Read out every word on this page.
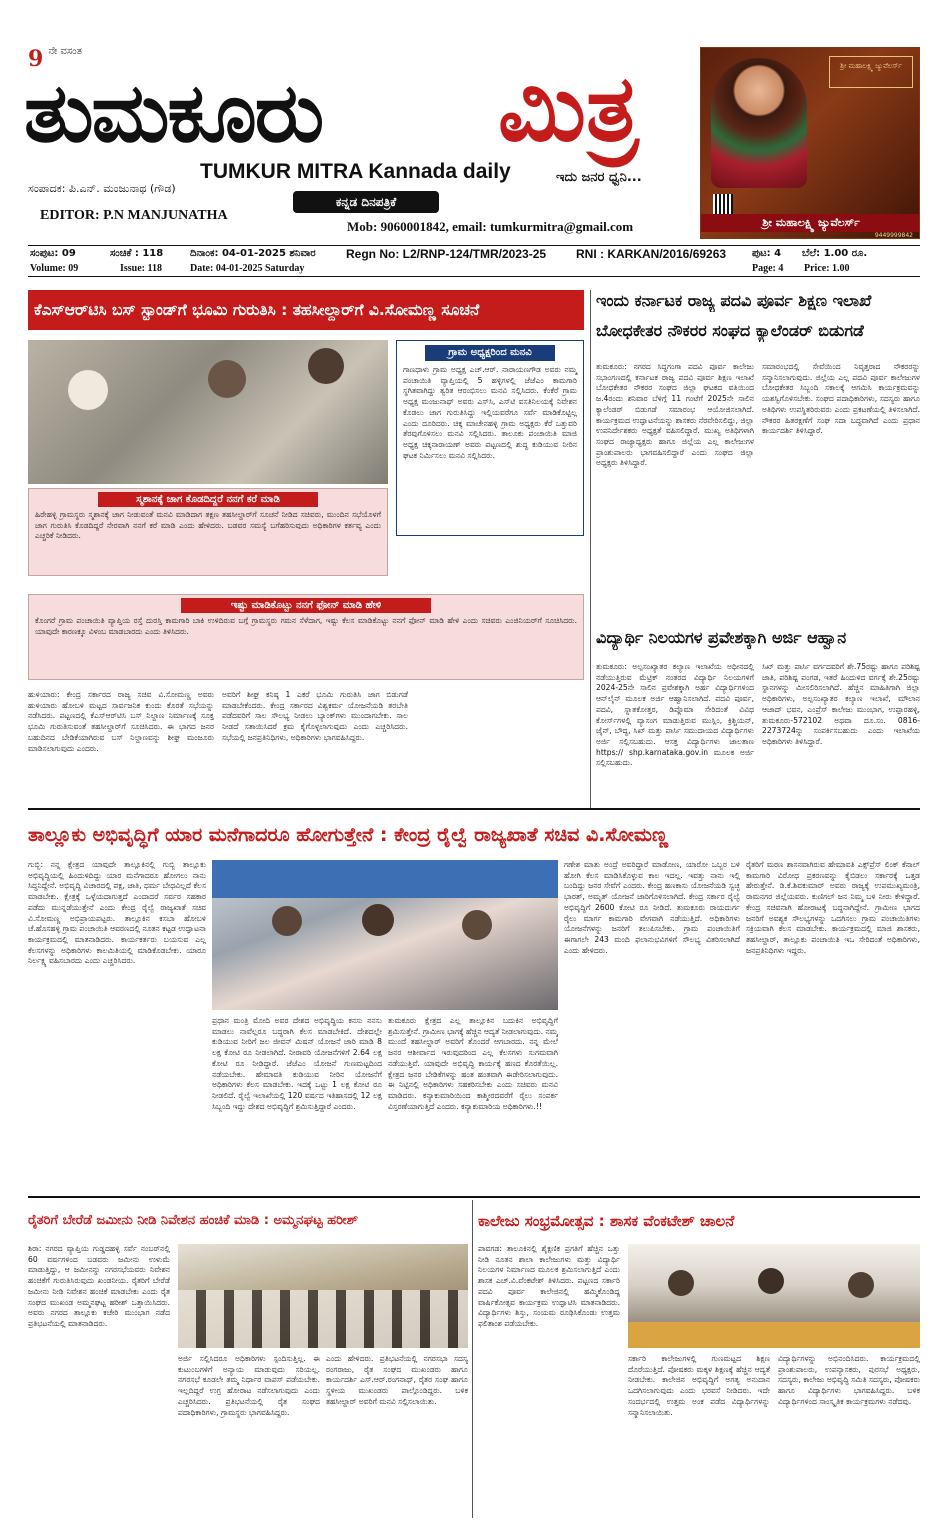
9 $^{ನೇ ವಸಂತ}$
ತುಮಕೂರು ಮಿತ್ರ
TUMKUR MITRA Kannada daily	ಇದು ಜನರ ಧ್ವನಿ...
ಸಂಪಾದಕ: ಪಿ.ಎನ್. ಮಂಜುನಾಥ (ಗೌಡ)
ಕನ್ನಡ ದಿನಪತ್ರಿಕೆ
EDITOR: P.N MANJUNATHA
Mob: 9060001842, email: tumkurmitra@gmail.com
ಶ್ರೀ ಮಹಾಲಕ್ಷ್ಮಿ ಜ್ಯುವೆಲರ್ಸ್
ಶ್ರೀ ಮಹಾಲಕ್ಷ್ಮಿ ಜ್ಯುವೆಲರ್ಸ್
9449999842
ಸಂಪುಟ: 09	ಸಂಚಿಕೆ : 118	ದಿನಾಂಕ: 04-01-2025 ಶನಿವಾರ	Regn No: L2/RNP-124/TMR/2023-25 RNI : KARKAN/2016/69263	ಪುಟ: 4 ಬೆಲೆ: 1.00 ರೂ.
Volume: 09	Issue: 118	Date: 04-01-2025 Saturday	Page: 4 Price: 1.00
ಕೆಎಸ್‌ಆರ್‌ಟಿಸಿ ಬಸ್ ಸ್ಟಾಂಡ್‌ಗೆ ಭೂಮಿ ಗುರುತಿಸಿ : ತಹಸೀಲ್ದಾರ್‌ಗೆ ವಿ.ಸೋಮಣ್ಣ ಸೂಚನೆ
ಗ್ರಾಮ ಅಧ್ಯಕ್ಷರಿಂದ ಮನವಿ
ಗಾಣಧಾಳು ಗ್ರಾಮ ಅಧ್ಯಕ್ಷ ಎಚ್.ಆರ್. ನಾರಾಯಣಗೌಡ ಅವರು ನಮ್ಮ ಪಂಚಾಯಿತಿ ವ್ಯಾಪ್ತಿಯಲ್ಲಿ 5 ಹಳ್ಳಿಗಳಲ್ಲಿ ಜೆಜೆಎಂ ಕಾಮಗಾರಿ ಸ್ಥಗಿತವಾಗಿದ್ದು ತ್ವರಿತ ಆರಂಭಿಸಲು ಮನವಿ ಸಲ್ಲಿಸಿದರು. ಕೆಂಕೆರೆ ಗ್ರಾಮ ಅಧ್ಯಕ್ಷ ಮಂಜುನಾಥ್ ಅವರು ಎಸ್‌ಸಿ, ಎಸ್‌ಟಿ ವಸತಿನಿಲಯಕ್ಕೆ ನಿವೇಶನ ಕೊಡಲು ಜಾಗ ಗುರುತಿಸಿದ್ದು ಇಲ್ಲಿಯವರೆಗೂ ಸರ್ವೆ ಮಾಡಿಕೊಟ್ಟಿಲ್ಲ ಎಂದು ದೂರಿದರು. ಚಿಕ್ಕ ಮಾಚೇನಹಳ್ಳಿ ಗ್ರಾಮ ಅಧ್ಯಕ್ಷರು ಕೆರೆ ಒತ್ತುವರಿ ತೆರವುಗೊಳಿಸಲು ಮನವಿ ಸಲ್ಲಿಸಿದರು. ತಾಲೂಕು ಪಂಚಾಯಿತಿ ಮಾಜಿ ಅಧ್ಯಕ್ಷ ಚಿಕ್ಕನಾರಾಯಣ್ ಅವರು ಪಟ್ಟಣದಲ್ಲಿ ಶುದ್ಧ ಕುಡಿಯುವ ನೀರಿನ ಘಟಕ ನಿರ್ಮಿಸಲು ಮನವಿ ಸಲ್ಲಿಸಿದರು.
ಸ್ಮಶಾನಕ್ಕೆ ಜಾಗ ಕೊಡದಿದ್ದರೆ ನನಗೆ ಕರೆ ಮಾಡಿ
ಹಿರೇಹಳ್ಳಿ ಗ್ರಾಮಸ್ಥರು ಸ್ಮಶಾನಕ್ಕೆ ಜಾಗ ನೀಡುವಂತೆ ಮನವಿ ಮಾಡಿದಾಗ ತಕ್ಷಣ ತಹಸೀಲ್ದಾರ್‌ಗೆ ಸೂಚನೆ ನೀಡಿದ ಸಚಿವರು, ಮುಂದಿನ ಸಭೆಯೊಳಗೆ ಜಾಗ ಗುರುತಿಸಿ ಕೊಡದಿದ್ದರೆ ನೇರವಾಗಿ ನನಗೆ ಕರೆ ಮಾಡಿ ಎಂದು ಹೇಳಿದರು. ಬಡವರ ಸಮಸ್ಯೆ ಬಗೆಹರಿಸುವುದು ಅಧಿಕಾರಿಗಳ ಕರ್ತವ್ಯ ಎಂದು ಎಚ್ಚರಿಕೆ ನೀಡಿದರು.
ಇಷ್ಟು ಮಾಡಿಕೊಟ್ಟು ನನಗೆ ಫೋನ್ ಮಾಡಿ ಹೇಳಿ
ಕೊಂಗರೆ ಗ್ರಾಮ ಪಂಚಾಯಿತಿ ವ್ಯಾಪ್ತಿಯ ರಸ್ತೆ ದುರಸ್ತಿ ಕಾಮಗಾರಿ ಬಾಕಿ ಉಳಿದಿರುವ ಬಗ್ಗೆ ಗ್ರಾಮಸ್ಥರು ಗಮನ ಸೆಳೆದಾಗ, ಇಷ್ಟು ಕೆಲಸ ಮಾಡಿಕೊಟ್ಟು ನನಗೆ ಫೋನ್ ಮಾಡಿ ಹೇಳಿ ಎಂದು ಸಚಿವರು ಎಂಜಿನಿಯರ್‌ಗೆ ಸೂಚಿಸಿದರು. ಯಾವುದೇ ಕಾರಣಕ್ಕೂ ವಿಳಂಬ ಮಾಡಬಾರದು ಎಂದು ತಿಳಿಸಿದರು.
ಹುಳಿಯಾರು: ಕೇಂದ್ರ ಸರ್ಕಾರದ ರಾಜ್ಯ ಸಚಿವ ವಿ.ಸೋಮಣ್ಣ ಅವರು ಹುಳಿಯಾರು ಹೋಬಳಿ ಮಟ್ಟದ ಸಾರ್ವಜನಿಕ ಕುಂದು ಕೊರತೆ ಸಭೆಯನ್ನು ನಡೆಸಿದರು. ಪಟ್ಟಣದಲ್ಲಿ ಕೆಎಸ್‌ಆರ್‌ಟಿಸಿ ಬಸ್ ನಿಲ್ದಾಣ ನಿರ್ಮಾಣಕ್ಕೆ ಸೂಕ್ತ ಭೂಮಿ ಗುರುತಿಸುವಂತೆ ತಹಸೀಲ್ದಾರ್‌ಗೆ ಸೂಚಿಸಿದರು. ಈ ಭಾಗದ ಜನರ ಬಹುದಿನದ ಬೇಡಿಕೆಯಾಗಿರುವ ಬಸ್ ನಿಲ್ದಾಣವನ್ನು ಶೀಘ್ರ ಮಂಜೂರು ಮಾಡಿಸಲಾಗುವುದು ಎಂದರು.
ಅವರಿಗೆ ಶೀಘ್ರ ಕನಿಷ್ಠ 1 ಎಕರೆ ಭೂಮಿ ಗುರುತಿಸಿ ಜಾಗ ಬಿಡುಗಡೆ ಮಾಡಬೇಕೆಂದರು. ಕೇಂದ್ರ ಸರ್ಕಾರದ ವಿಶ್ವಕರ್ಮ ಯೋಜನೆಯಡಿ ತರಬೇತಿ ಪಡೆದವರಿಗೆ ಸಾಲ ಸೌಲಭ್ಯ ನೀಡಲು ಬ್ಯಾಂಕ್‌ಗಳು ಮುಂದಾಗಬೇಕು. ಸಾಲ ನೀಡದೆ ಸತಾಯಿಸಿದರೆ ಕ್ರಮ ಕೈಗೊಳ್ಳಲಾಗುವುದು ಎಂದು ಎಚ್ಚರಿಸಿದರು. ಸಭೆಯಲ್ಲಿ ಜನಪ್ರತಿನಿಧಿಗಳು, ಅಧಿಕಾರಿಗಳು ಭಾಗವಹಿಸಿದ್ದರು.
ಇಂದು ಕರ್ನಾಟಕ ರಾಜ್ಯ ಪದವಿ ಪೂರ್ವ ಶಿಕ್ಷಣ ಇಲಾಖೆ
ಬೋಧಕೇತರ ನೌಕರರ ಸಂಘದ ಕ್ಯಾಲೆಂಡರ್ ಬಿಡುಗಡೆ
ತುಮಕೂರು: ನಗರದ ಸಿದ್ಧಗಂಗಾ ಪದವಿ ಪೂರ್ವ ಕಾಲೇಜು ಸಭಾಂಗಣದಲ್ಲಿ ಕರ್ನಾಟಕ ರಾಜ್ಯ ಪದವಿ ಪೂರ್ವ ಶಿಕ್ಷಣ ಇಲಾಖೆ ಬೋಧಕೇತರ ನೌಕರರ ಸಂಘದ ಜಿಲ್ಲಾ ಘಟಕದ ವತಿಯಿಂದ ಜ.4ರಂದು ಶನಿವಾರ ಬೆಳಿಗ್ಗೆ 11 ಗಂಟೆಗೆ 2025ನೇ ಸಾಲಿನ ಕ್ಯಾಲೆಂಡರ್ ಬಿಡುಗಡೆ ಸಮಾರಂಭ ಆಯೋಜಿಸಲಾಗಿದೆ. ಕಾರ್ಯಕ್ರಮದ ಉದ್ಘಾಟನೆಯನ್ನು ಶಾಸಕರು ನೆರವೇರಿಸಲಿದ್ದು, ಜಿಲ್ಲಾ ಉಪನಿರ್ದೇಶಕರು ಅಧ್ಯಕ್ಷತೆ ವಹಿಸಲಿದ್ದಾರೆ. ಮುಖ್ಯ ಅತಿಥಿಗಳಾಗಿ ಸಂಘದ ರಾಜ್ಯಾಧ್ಯಕ್ಷರು ಹಾಗೂ ಜಿಲ್ಲೆಯ ಎಲ್ಲ ಕಾಲೇಜುಗಳ ಪ್ರಾಂಶುಪಾಲರು ಭಾಗವಹಿಸಲಿದ್ದಾರೆ ಎಂದು ಸಂಘದ ಜಿಲ್ಲಾ ಅಧ್ಯಕ್ಷರು ತಿಳಿಸಿದ್ದಾರೆ.
ಸಮಾರಂಭದಲ್ಲಿ ಸೇವೆಯಿಂದ ನಿವೃತ್ತರಾದ ನೌಕರರನ್ನು ಸನ್ಮಾನಿಸಲಾಗುವುದು. ಜಿಲ್ಲೆಯ ಎಲ್ಲ ಪದವಿ ಪೂರ್ವ ಕಾಲೇಜುಗಳ ಬೋಧಕೇತರ ಸಿಬ್ಬಂದಿ ಸಕಾಲಕ್ಕೆ ಆಗಮಿಸಿ ಕಾರ್ಯಕ್ರಮವನ್ನು ಯಶಸ್ವಿಗೊಳಿಸಬೇಕು. ಸಂಘದ ಪದಾಧಿಕಾರಿಗಳು, ಸದಸ್ಯರು ಹಾಗೂ ಅತಿಥಿಗಳು ಉಪಸ್ಥಿತರಿರುವರು ಎಂದು ಪ್ರಕಟಣೆಯಲ್ಲಿ ತಿಳಿಸಲಾಗಿದೆ. ನೌಕರರ ಹಿತರಕ್ಷಣೆಗೆ ಸಂಘ ಸದಾ ಬದ್ಧವಾಗಿದೆ ಎಂದು ಪ್ರಧಾನ ಕಾರ್ಯದರ್ಶಿ ತಿಳಿಸಿದ್ದಾರೆ.
ವಿದ್ಯಾರ್ಥಿ ನಿಲಯಗಳ ಪ್ರವೇಶಕ್ಕಾಗಿ ಅರ್ಜಿ ಆಹ್ವಾನ
ತುಮಕೂರು: ಅಲ್ಪಸಂಖ್ಯಾತರ ಕಲ್ಯಾಣ ಇಲಾಖೆಯ ಅಧೀನದಲ್ಲಿ ನಡೆಯುತ್ತಿರುವ ಮೆಟ್ರಿಕ್ ನಂತರದ ವಿದ್ಯಾರ್ಥಿ ನಿಲಯಗಳಿಗೆ 2024-25ನೇ ಸಾಲಿನ ಪ್ರವೇಶಕ್ಕಾಗಿ ಅರ್ಹ ವಿದ್ಯಾರ್ಥಿಗಳಿಂದ ಆನ್‌ಲೈನ್ ಮೂಲಕ ಅರ್ಜಿ ಆಹ್ವಾನಿಸಲಾಗಿದೆ. ಪದವಿ ಪೂರ್ವ, ಪದವಿ, ಸ್ನಾತಕೋತ್ತರ, ಡಿಪ್ಲೊಮಾ ಸೇರಿದಂತೆ ವಿವಿಧ ಕೋರ್ಸ್‌ಗಳಲ್ಲಿ ವ್ಯಾಸಂಗ ಮಾಡುತ್ತಿರುವ ಮುಸ್ಲಿಂ, ಕ್ರಿಶ್ಚಿಯನ್, ಜೈನ್, ಬೌದ್ಧ, ಸಿಖ್ ಮತ್ತು ಪಾರ್ಸಿ ಸಮುದಾಯದ ವಿದ್ಯಾರ್ಥಿಗಳು ಅರ್ಜಿ ಸಲ್ಲಿಸಬಹುದು. ಆಸಕ್ತ ವಿದ್ಯಾರ್ಥಿಗಳು ಜಾಲತಾಣ https:// shp.karnataka.gov.in ಮೂಲಕ ಅರ್ಜಿ ಸಲ್ಲಿಸಬಹುದು.
ಸಿಖ್ ಮತ್ತು ಪಾರ್ಸಿ ವರ್ಗದವರಿಗೆ ಶೇ.75ರಷ್ಟು ಹಾಗೂ ಪರಿಶಿಷ್ಟ ಜಾತಿ, ಪರಿಶಿಷ್ಟ ಪಂಗಡ, ಇತರೆ ಹಿಂದುಳಿದ ವರ್ಗಕ್ಕೆ ಶೇ.25ರಷ್ಟು ಸ್ಥಾನಗಳನ್ನು ಮೀಸಲಿರಿಸಲಾಗಿದೆ. ಹೆಚ್ಚಿನ ಮಾಹಿತಿಗಾಗಿ ಜಿಲ್ಲಾ ಅಧಿಕಾರಿಗಳು, ಅಲ್ಪಸಂಖ್ಯಾತರ ಕಲ್ಯಾಣ ಇಲಾಖೆ, ಮೌಲಾನ ಆಜಾದ್ ಭವನ, ಎಂಪ್ರೆಸ್ ಕಾಲೇಜು ಮುಂಭಾಗ, ಉಪ್ಪಾರಹಳ್ಳಿ, ತುಮಕೂರು-572102 ಅಥವಾ ದೂ.ಸಂ. 0816-2273724ನ್ನು ಸಂಪರ್ಕಿಸಬಹುದು ಎಂದು ಇಲಾಖೆಯ ಅಧಿಕಾರಿಗಳು ತಿಳಿಸಿದ್ದಾರೆ.
ತಾಲ್ಲೂಕು ಅಭಿವೃದ್ಧಿಗೆ ಯಾರ ಮನೆಗಾದರೂ ಹೋಗುತ್ತೇನೆ : ಕೇಂದ್ರ ರೈಲ್ವೆ ರಾಜ್ಯಖಾತೆ ಸಚಿವ ವಿ.ಸೋಮಣ್ಣ
ಗುಬ್ಬಿ: ನನ್ನ ಕ್ಷೇತ್ರದ ಯಾವುದೇ ತಾಲ್ಲೂಕಿನಲ್ಲಿ ಗುಬ್ಬಿ ತಾಲ್ಲೂಕು ಅಭಿವೃದ್ಧಿಯಲ್ಲಿ ಹಿಂದುಳಿದಿದ್ದು ಯಾರ ಮನೆಗಾದರೂ ಹೋಗಲು ನಾನು ಸಿದ್ಧನಿದ್ದೇನೆ. ಅಭಿವೃದ್ಧಿ ವಿಚಾರದಲ್ಲಿ ಪಕ್ಷ, ಜಾತಿ, ಧರ್ಮ ಬೇಧವಿಲ್ಲದೆ ಕೆಲಸ ಮಾಡಬೇಕು. ಕ್ಷೇತ್ರಕ್ಕೆ ಒಳ್ಳೆಯದಾಗುತ್ತದೆ ಎಂದಾದರೆ ಸರ್ವರ ಸಹಕಾರ ಪಡೆದು ಮುನ್ನಡೆಯುತ್ತೇನೆ ಎಂದು ಕೇಂದ್ರ ರೈಲ್ವೆ ರಾಜ್ಯಖಾತೆ ಸಚಿವ ವಿ.ಸೋಮಣ್ಣ ಅಭಿಪ್ರಾಯಪಟ್ಟರು. ತಾಲ್ಲೂಕಿನ ಕಸಬಾ ಹೋಬಳಿ ಚೆ.ಹೊಸಹಳ್ಳಿ ಗ್ರಾಮ ಪಂಚಾಯಿತಿ ಆವರಣದಲ್ಲಿ ನೂತನ ಕಟ್ಟಡ ಉದ್ಘಾಟನಾ ಕಾರ್ಯಕ್ರಮದಲ್ಲಿ ಮಾತನಾಡಿದರು. ಕಾರ್ಯಕರ್ತರು ಬಯಸುವ ಎಲ್ಲ ಕೆಲಸಗಳನ್ನು ಅಧಿಕಾರಿಗಳು ಕಾಲಮಿತಿಯಲ್ಲಿ ಮಾಡಿಕೊಡಬೇಕು. ಯಾರೂ ನಿರ್ಲಕ್ಷ್ಯ ವಹಿಸಬಾರದು ಎಂದು ಎಚ್ಚರಿಸಿದರು.
ಪ್ರಧಾನ ಮಂತ್ರಿ ಮೋದಿ ಅವರ ದೇಶದ ಅಭಿವೃದ್ಧಿಯ ಕನಸು ನನಸು ಮಾಡಲು ನಾವೆಲ್ಲರೂ ಬದ್ಧರಾಗಿ ಕೆಲಸ ಮಾಡಬೇಕಿದೆ. ದೇಶದಲ್ಲೇ ಕುಡಿಯುವ ನೀರಿಗೆ ಜಲ ಜೀವನ್ ಮಿಷನ್ ಯೋಜನೆ ಜಾರಿ ಮಾಡಿ 8 ಲಕ್ಷ ಕೋಟಿ ರೂ ನೀಡಲಾಗಿದೆ. ನೀರಾವರಿ ಯೋಜನೆಗಳಿಗೆ 2.64 ಲಕ್ಷ ಕೋಟಿ ರೂ ನೀಡಿದ್ದಾರೆ. ಜೆಜೆಎಂ ಯೋಜನೆ ಗುಣಮಟ್ಟದಿಂದ ನಡೆಯಬೇಕು. ಹೇಮಾವತಿ ಕುಡಿಯುವ ನೀರಿನ ಯೋಜನೆಗೆ ಅಧಿಕಾರಿಗಳು ಕೆಲಸ ಮಾಡಬೇಕು. ಇದಕ್ಕೆ ಒಟ್ಟು 1 ಲಕ್ಷ ಕೋಟಿ ರೂ ನೀಡಲಿದೆ. ರೈಲ್ವೆ ಇಲಾಖೆಯಲ್ಲಿ 120 ವರ್ಷದ ಇತಿಹಾಸದಲ್ಲಿ 12 ಲಕ್ಷ ಸಿಬ್ಬಂದಿ ಇದ್ದು ದೇಶದ ಅಭಿವೃದ್ಧಿಗೆ ಶ್ರಮಿಸುತ್ತಿದ್ದಾರೆ ಎಂದರು.
ತುಮಕೂರು ಕ್ಷೇತ್ರದ ಎಲ್ಲ ತಾಲ್ಲೂಕಿನ ಬದುಕಿನ ಅಭಿವೃದ್ಧಿಗೆ ಶ್ರಮಿಸುತ್ತೇನೆ. ಗ್ರಾಮೀಣ ಭಾಗಕ್ಕೆ ಹೆಚ್ಚಿನ ಆದ್ಯತೆ ನೀಡಲಾಗುವುದು. ನಮ್ಮ ಮುಂದೆ ತಹಸೀಲ್ದಾರ್ ಅವರಿಗೆ ತೊಂದರೆ ಆಗಬಾರದು. ನನ್ನ ಮೇಲೆ ಜನರ ಆಶೀರ್ವಾದ ಇರುವುದರಿಂದ ಎಲ್ಲ ಕೆಲಸಗಳು ಸುಗಮವಾಗಿ ನಡೆಯುತ್ತಿವೆ. ಯಾವುದೇ ಅಭಿವೃದ್ಧಿ ಕಾರ್ಯಕ್ಕೆ ಹಣದ ಕೊರತೆಯಿಲ್ಲ. ಕ್ಷೇತ್ರದ ಜನರ ಬೇಡಿಕೆಗಳನ್ನು ಹಂತ ಹಂತವಾಗಿ ಈಡೇರಿಸಲಾಗುವುದು. ಈ ನಿಟ್ಟಿನಲ್ಲಿ ಅಧಿಕಾರಿಗಳು ಸಹಕರಿಸಬೇಕು ಎಂದು ಸಚಿವರು ಮನವಿ ಮಾಡಿದರು. ಕನ್ಯಾಕುಮಾರಿಯಿಂದ ಕಾಶ್ಮೀರದವರೆಗೆ ರೈಲು ಸಂಪರ್ಕ ವಿಸ್ತರಣೆಯಾಗುತ್ತಿದೆ ಎಂದರು. ಕನ್ಯಾಕುಮಾರಿಯ ಅಧಿಕಾರಿಗಳು.!!
ಗಣೇಶ ಮಾತು ಅಂದ್ರೆ ಅವರಿದ್ದಾರೆ ಮಾಡೋಣ, ಯಾರೋ ಒಬ್ಬರ ಬಳಿ ಹೋಗಿ ಕೆಲಸ ಮಾಡಿಸಿಕೊಳ್ಳುವ ಕಾಲ ಇದಲ್ಲ. ಇವತ್ತು ನಾನು ಇಲ್ಲಿ ಬಂದಿದ್ದು ಜನರ ಸೇವೆಗೆ ಎಂದರು. ಕೇಂದ್ರ ಹಣಕಾಸು ಯೋಜನೆಯಡಿ ಸ್ವಚ್ಛ ಭಾರತ್, ಅಮೃತ್ ಯೋಜನೆ ಜಾರಿಗೊಳಿಸಲಾಗಿದೆ. ಕೇಂದ್ರ ಸರ್ಕಾರ ರೈಲ್ವೆ ಅಭಿವೃದ್ಧಿಗೆ 2600 ಕೋಟಿ ರೂ ನೀಡಿದೆ. ತುಮಕೂರು ರಾಯದುರ್ಗ ರೈಲು ಮಾರ್ಗ ಕಾಮಗಾರಿ ವೇಗವಾಗಿ ನಡೆಯುತ್ತಿದೆ. ಅಧಿಕಾರಿಗಳು ಯೋಜನೆಗಳನ್ನು ಜನರಿಗೆ ತಲುಪಿಸಬೇಕು. ಗ್ರಾಮ ಪಂಚಾಯಿತಿಗೆ ಈಗಾಗಲೇ 243 ಮಂದಿ ಫಲಾನುಭವಿಗಳಿಗೆ ಸೌಲಭ್ಯ ವಿತರಿಸಲಾಗಿದೆ ಎಂದು ಹೇಳಿದರು.
ರೈತರಿಗೆ ಮರಣ ಶಾಸನವಾಗಿರುವ ಹೇಮಾವತಿ ಎಕ್ಸ್‌ಪ್ರೆಸ್ ಲಿಂಕ್ ಕೆನಾಲ್ ಕಾಮಗಾರಿ ವಿರೋಧ ಪ್ರಕರಣವನ್ನು ಕೈಬಿಡಲು ಸರ್ಕಾರಕ್ಕೆ ಒತ್ತಡ ಹೇರುತ್ತೇನೆ. ಡಿ.ಕೆ.ಶಿವಕುಮಾರ್ ಅವರು ರಾಜ್ಯಕ್ಕೆ ಉಪಮುಖ್ಯಮಂತ್ರಿ, ರಾಮನಗರ ಜಿಲ್ಲೆಯವರು. ಕುಣಿಗಲ್ ಜನ ನಿಮ್ಮ ಬಳಿ ನೀರು ಕೇಳಿದ್ದಾರೆ. ಕೇಂದ್ರ ಸಚಿವನಾಗಿ ಹೋರಾಟಕ್ಕೆ ಬದ್ಧನಾಗಿದ್ದೇನೆ. ಗ್ರಾಮೀಣ ಭಾಗದ ಜನರಿಗೆ ಅವಶ್ಯಕ ಸೌಲಭ್ಯಗಳನ್ನು ಒದಗಿಸಲು ಗ್ರಾಮ ಪಂಚಾಯಿತಿಗಳು ಸಕ್ರಿಯವಾಗಿ ಕೆಲಸ ಮಾಡಬೇಕು. ಕಾರ್ಯಕ್ರಮದಲ್ಲಿ ಮಾಜಿ ಶಾಸಕರು, ತಹಸೀಲ್ದಾರ್, ತಾಲ್ಲೂಕು ಪಂಚಾಯಿತಿ ಇಒ ಸೇರಿದಂತೆ ಅಧಿಕಾರಿಗಳು, ಜನಪ್ರತಿನಿಧಿಗಳು ಇದ್ದರು.
ರೈತರಿಗೆ ಬೇರೆಡೆ ಜಮೀನು ನೀಡಿ ನಿವೇಶನ ಹಂಚಿಕೆ ಮಾಡಿ : ಅಮ್ಮನಘಟ್ಟ ಹರೀಶ್
ಶಿರಾ: ನಗರದ ವ್ಯಾಪ್ತಿಯ ಗುಡ್ಡದಹಳ್ಳಿ ಸರ್ವೆ ನಂಬರ್‌ನಲ್ಲಿ 60 ವರ್ಷಗಳಿಂದ ಬಡವರು ಜಮೀನು ಉಳುಮೆ ಮಾಡುತ್ತಿದ್ದು, ಆ ಜಮೀನನ್ನು ನಗರಸಭೆಯವರು ನಿವೇಶನ ಹಂಚಿಕೆಗೆ ಗುರುತಿಸಿರುವುದು ಖಂಡನೀಯ. ರೈತರಿಗೆ ಬೇರೆಡೆ ಜಮೀನು ನೀಡಿ ನಿವೇಶನ ಹಂಚಿಕೆ ಮಾಡಬೇಕು ಎಂದು ರೈತ ಸಂಘದ ಮುಖಂಡ ಅಮ್ಮನಘಟ್ಟ ಹರೀಶ್ ಒತ್ತಾಯಿಸಿದರು. ಅವರು ನಗರದ ತಾಲ್ಲೂಕು ಕಚೇರಿ ಮುಂಭಾಗ ನಡೆದ ಪ್ರತಿಭಟನೆಯಲ್ಲಿ ಮಾತನಾಡಿದರು.
ಅರ್ಜಿ ಸಲ್ಲಿಸಿದರೂ ಅಧಿಕಾರಿಗಳು ಸ್ಪಂದಿಸುತ್ತಿಲ್ಲ. ಈ ಕುಟುಂಬಗಳಿಗೆ ಅನ್ಯಾಯ ಮಾಡುವುದು ಸರಿಯಲ್ಲ. ನಗರಸಭೆ ಕೂಡಲೇ ತಮ್ಮ ನಿರ್ಧಾರ ವಾಪಸ್ ಪಡೆಯಬೇಕು. ಇಲ್ಲದಿದ್ದರೆ ಉಗ್ರ ಹೋರಾಟ ನಡೆಸಲಾಗುವುದು ಎಂದು ಎಚ್ಚರಿಸಿದರು. ಪ್ರತಿಭಟನೆಯಲ್ಲಿ ರೈತ ಸಂಘದ ಪದಾಧಿಕಾರಿಗಳು, ಗ್ರಾಮಸ್ಥರು ಭಾಗವಹಿಸಿದ್ದರು.
ಎಂದು ಹೇಳಿದರು. ಪ್ರತಿಭಟನೆಯಲ್ಲಿ ನಗರಸಭಾ ಸದಸ್ಯ ರಂಗರಾಜು, ರೈತ ಸಂಘದ ಮುಖಂಡರು ಹಾಗೂ ಕಾರ್ಯದರ್ಶಿ ಎಸ್.ಆರ್.ರಂಗನಾಥ್, ರೈತರ ಸಂಘ ಹಾಗೂ ಸ್ಥಳೀಯ ಮುಖಂಡರು ಪಾಲ್ಗೊಂಡಿದ್ದರು. ಬಳಿಕ ತಹಸೀಲ್ದಾರ್ ಅವರಿಗೆ ಮನವಿ ಸಲ್ಲಿಸಲಾಯಿತು.
ಕಾಲೇಜು ಸಂಭ್ರಮೋತ್ಸವ : ಶಾಸಕ ವೆಂಕಟೇಶ್ ಚಾಲನೆ
ಪಾವಗಡ: ತಾಲೂಕಿನಲ್ಲಿ ಶೈಕ್ಷಣಿಕ ಪ್ರಗತಿಗೆ ಹೆಚ್ಚಿನ ಒತ್ತು ನೀಡಿ ನೂತನ ಶಾಲಾ ಕಾಲೇಜುಗಳು ಮತ್ತು ವಿದ್ಯಾರ್ಥಿ ನಿಲಯಗಳ ನಿರ್ಮಾಣದ ಮೂಲಕ ಶ್ರಮಿಸಲಾಗುತ್ತಿದೆ ಎಂದು ಶಾಸಕ ಎಚ್.ವಿ.ವೆಂಕಟೇಶ್ ತಿಳಿಸಿದರು. ಪಟ್ಟಣದ ಸರ್ಕಾರಿ ಪದವಿ ಪೂರ್ವ ಕಾಲೇಜಿನಲ್ಲಿ ಹಮ್ಮಿಕೊಂಡಿದ್ದ ವಾರ್ಷಿಕೋತ್ಸವ ಕಾರ್ಯಕ್ರಮ ಉದ್ಘಾಟಿಸಿ ಮಾತನಾಡಿದರು. ವಿದ್ಯಾರ್ಥಿಗಳು ಶಿಸ್ತು, ಸಂಯಮ ರೂಢಿಸಿಕೊಂಡು ಉತ್ತಮ ಫಲಿತಾಂಶ ಪಡೆಯಬೇಕು.
ಸರ್ಕಾರಿ ಕಾಲೇಜುಗಳಲ್ಲಿ ಗುಣಮಟ್ಟದ ಶಿಕ್ಷಣ ದೊರೆಯುತ್ತಿದೆ. ಪೋಷಕರು ಮಕ್ಕಳ ಶಿಕ್ಷಣಕ್ಕೆ ಹೆಚ್ಚಿನ ಆದ್ಯತೆ ನೀಡಬೇಕು. ಕಾಲೇಜಿನ ಅಭಿವೃದ್ಧಿಗೆ ಅಗತ್ಯ ಅನುದಾನ ಒದಗಿಸಲಾಗುವುದು ಎಂದು ಭರವಸೆ ನೀಡಿದರು. ಇದೇ ಸಂದರ್ಭದಲ್ಲಿ ಉತ್ತಮ ಅಂಕ ಪಡೆದ ವಿದ್ಯಾರ್ಥಿಗಳನ್ನು ಸನ್ಮಾನಿಸಲಾಯಿತು.
ವಿದ್ಯಾರ್ಥಿಗಳನ್ನು ಅಭಿನಂದಿಸಿದರು. ಕಾರ್ಯಕ್ರಮದಲ್ಲಿ ಪ್ರಾಂಶುಪಾಲರು, ಉಪನ್ಯಾಸಕರು, ಪುರಸಭೆ ಅಧ್ಯಕ್ಷರು, ಸದಸ್ಯರು, ಕಾಲೇಜು ಅಭಿವೃದ್ಧಿ ಸಮಿತಿ ಸದಸ್ಯರು, ಪೋಷಕರು ಹಾಗೂ ವಿದ್ಯಾರ್ಥಿಗಳು ಭಾಗವಹಿಸಿದ್ದರು. ಬಳಿಕ ವಿದ್ಯಾರ್ಥಿಗಳಿಂದ ಸಾಂಸ್ಕೃತಿಕ ಕಾರ್ಯಕ್ರಮಗಳು ನಡೆದವು.
